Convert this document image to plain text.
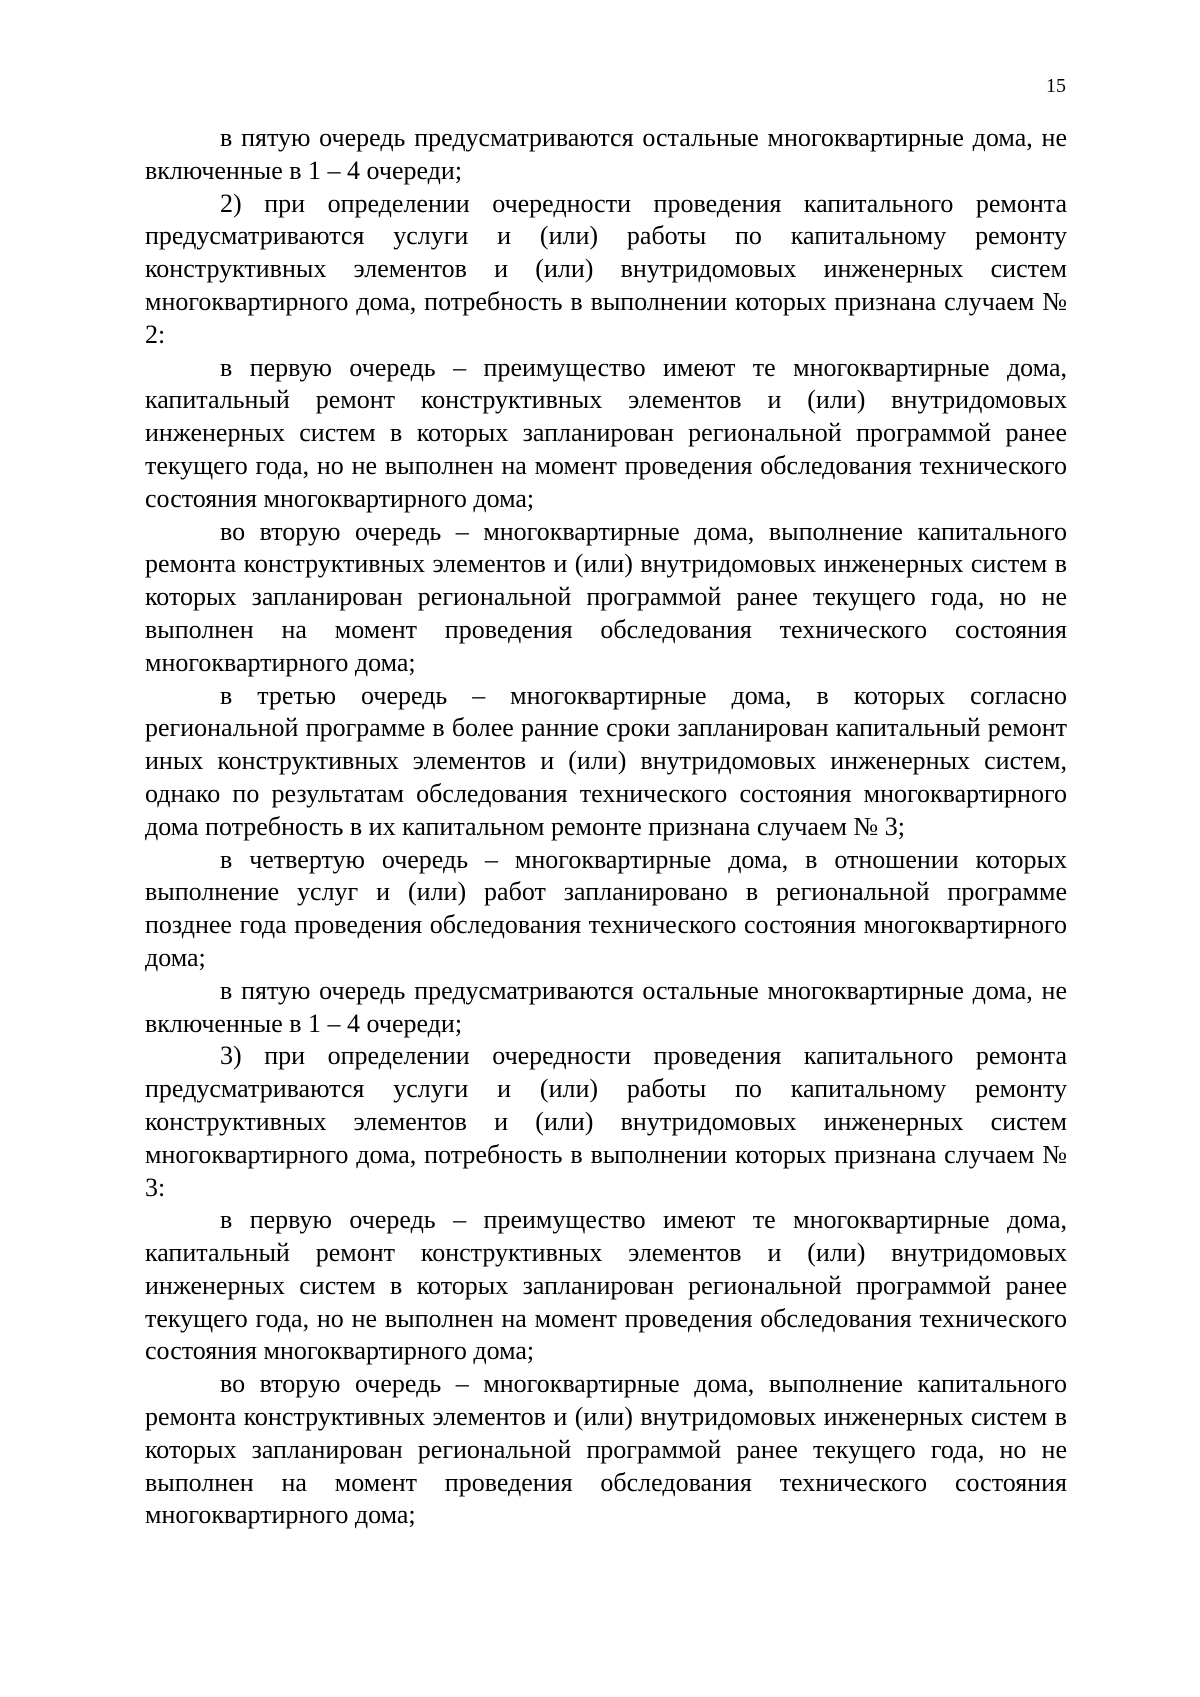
15

в пятую очередь предусматриваются остальные многоквартирные дома, не включенные в 1 – 4 очереди;

2) при определении очередности проведения капитального ремонта предусматриваются услуги и (или) работы по капитальному ремонту конструктивных элементов и (или) внутридомовых инженерных систем многоквартирного дома, потребность в выполнении которых признана случаем № 2:

в первую очередь – преимущество имеют те многоквартирные дома, капитальный ремонт конструктивных элементов и (или) внутридомовых инженерных систем в которых запланирован региональной программой ранее текущего года, но не выполнен на момент проведения обследования технического состояния многоквартирного дома;

во вторую очередь – многоквартирные дома, выполнение капитального ремонта конструктивных элементов и (или) внутридомовых инженерных систем в которых запланирован региональной программой ранее текущего года, но не выполнен на момент проведения обследования технического состояния многоквартирного дома;

в третью очередь – многоквартирные дома, в которых согласно региональной программе в более ранние сроки запланирован капитальный ремонт иных конструктивных элементов и (или) внутридомовых инженерных систем, однако по результатам обследования технического состояния многоквартирного дома потребность в их капитальном ремонте признана случаем № 3;

в четвертую очередь – многоквартирные дома, в отношении которых выполнение услуг и (или) работ запланировано в региональной программе позднее года проведения обследования технического состояния многоквартирного дома;

в пятую очередь предусматриваются остальные многоквартирные дома, не включенные в 1 – 4 очереди;

3) при определении очередности проведения капитального ремонта предусматриваются услуги и (или) работы по капитальному ремонту конструктивных элементов и (или) внутридомовых инженерных систем многоквартирного дома, потребность в выполнении которых признана случаем № 3:

в первую очередь – преимущество имеют те многоквартирные дома, капитальный ремонт конструктивных элементов и (или) внутридомовых инженерных систем в которых запланирован региональной программой ранее текущего года, но не выполнен на момент проведения обследования технического состояния многоквартирного дома;

во вторую очередь – многоквартирные дома, выполнение капитального ремонта конструктивных элементов и (или) внутридомовых инженерных систем в которых запланирован региональной программой ранее текущего года, но не выполнен на момент проведения обследования технического состояния многоквартирного дома;
